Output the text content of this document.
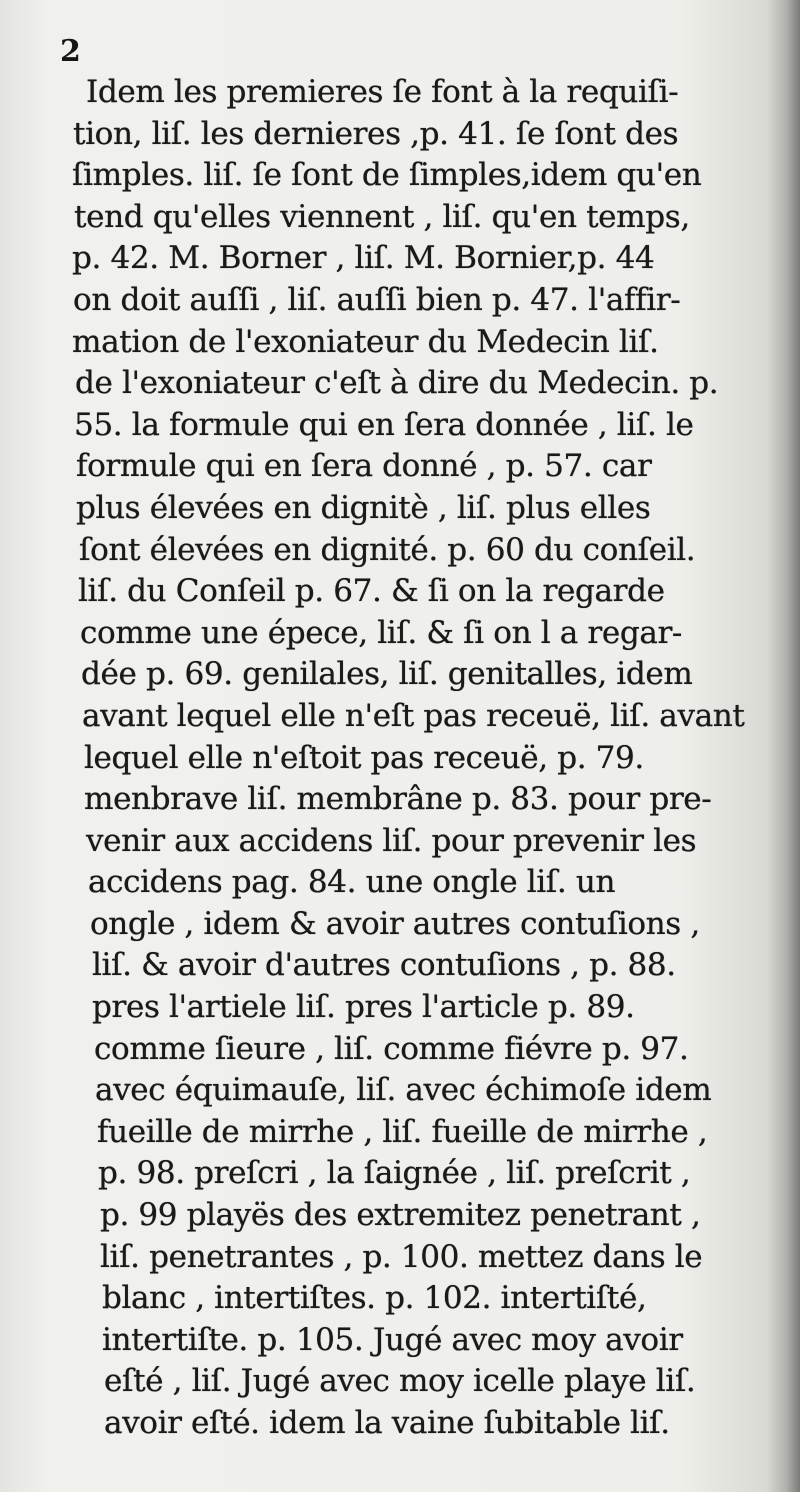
2
Idem les premieres ſe font à la requiſi-
tion, liſ. les dernieres ,p. 41. ſe ſont des
ſimples. liſ. ſe ſont de ſimples,idem qu'en
tend qu'elles viennent , liſ. qu'en temps,
p. 42. M. Borner , liſ. M. Bornier,p. 44
on doit auſſi , liſ. auſſi bien p. 47. l'affir-
mation de l'exoniateur du Medecin liſ.
de l'exoniateur c'eſt à dire du Medecin. p.
55. la formule qui en ſera donnée , liſ. le
formule qui en ſera donné , p. 57. car
plus élevées en dignitè , liſ. plus elles
ſont élevées en dignité. p. 60 du conſeil.
liſ. du Conſeil p. 67. & ſi on la regarde
comme une épece, liſ. & ſi on l a regar-
dée p. 69. genilales, liſ. genitalles, idem
avant lequel elle n'eſt pas receuë, liſ. avant
lequel elle n'eſtoit pas receuë, p. 79.
menbrave liſ. membrâne p. 83. pour pre-
venir aux accidens liſ. pour prevenir les
accidens pag. 84. une ongle liſ. un
ongle , idem & avoir autres contuſions ,
liſ. & avoir d'autres contuſions , p. 88.
pres l'artiele liſ. pres l'article p. 89.
comme ſieure , liſ. comme fiévre p. 97.
avec équimauſe, liſ. avec échimoſe idem
fueille de mirrhe , liſ. fueille de mirrhe ,
p. 98. preſcri , la ſaignée , liſ. preſcrit ,
p. 99 playës des extremitez penetrant ,
liſ. penetrantes , p. 100. mettez dans le
blanc , intertiſtes. p. 102. intertiſté,
intertiſte. p. 105. Jugé avec moy avoir
eſté , liſ. Jugé avec moy icelle playe liſ.
avoir eſté. idem la vaine ſubitable liſ.
